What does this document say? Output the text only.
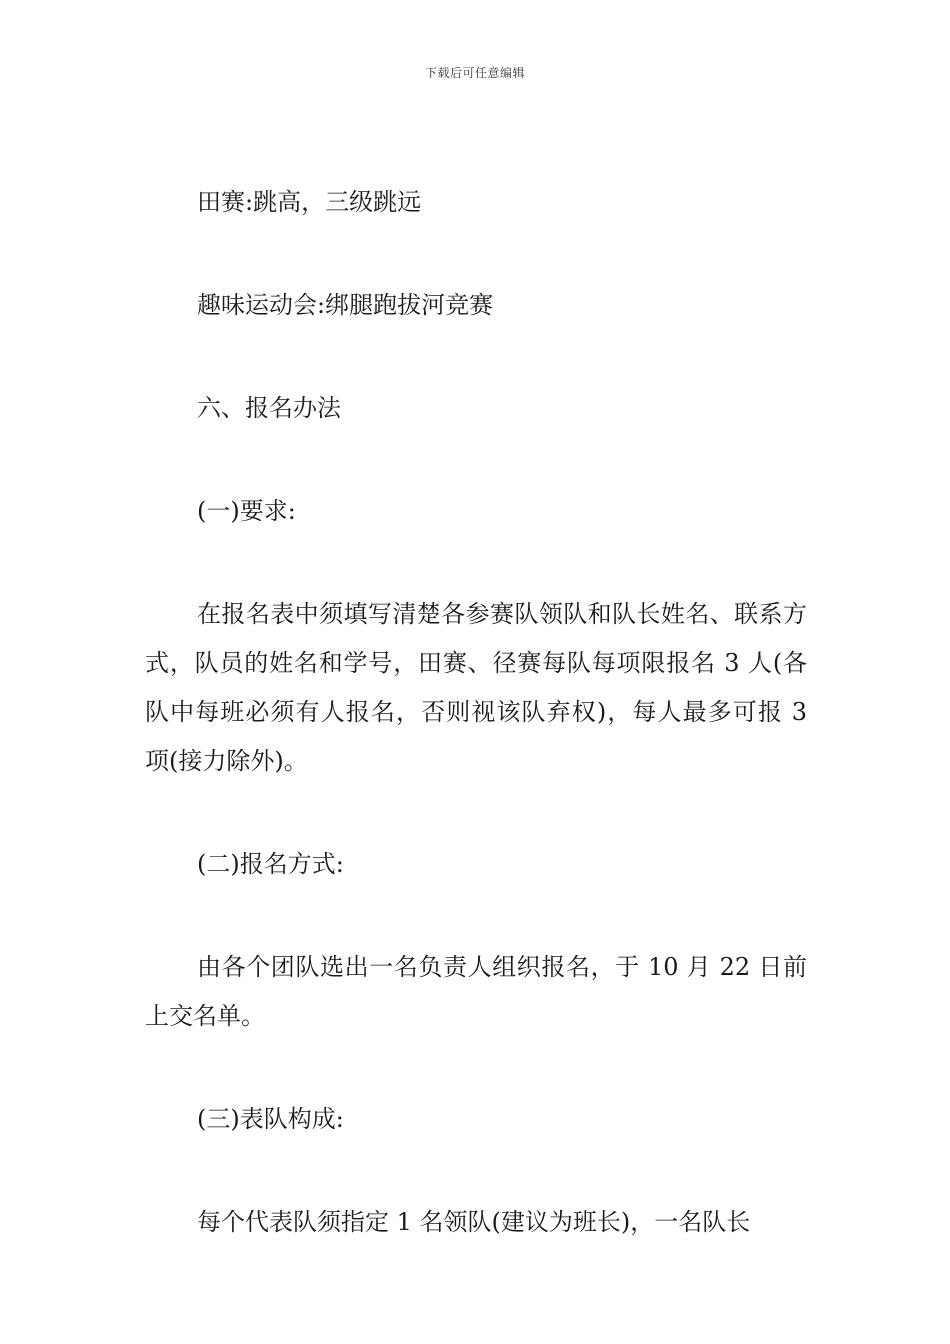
下载后可任意编辑

田赛:跳高，三级跳远

趣味运动会:绑腿跑拔河竞赛

六、报名办法

(一)要求:

在报名表中须填写清楚各参赛队领队和队长姓名、联系方式，队员的姓名和学号，田赛、径赛每队每项限报名 3 人(各队中每班必须有人报名，否则视该队弃权)，每人最多可报 3 项(接力除外)。

(二)报名方式:

由各个团队选出一名负责人组织报名，于 10 月 22 日前上交名单。

(三)表队构成:

每个代表队须指定 1 名领队(建议为班长)，一名队长
